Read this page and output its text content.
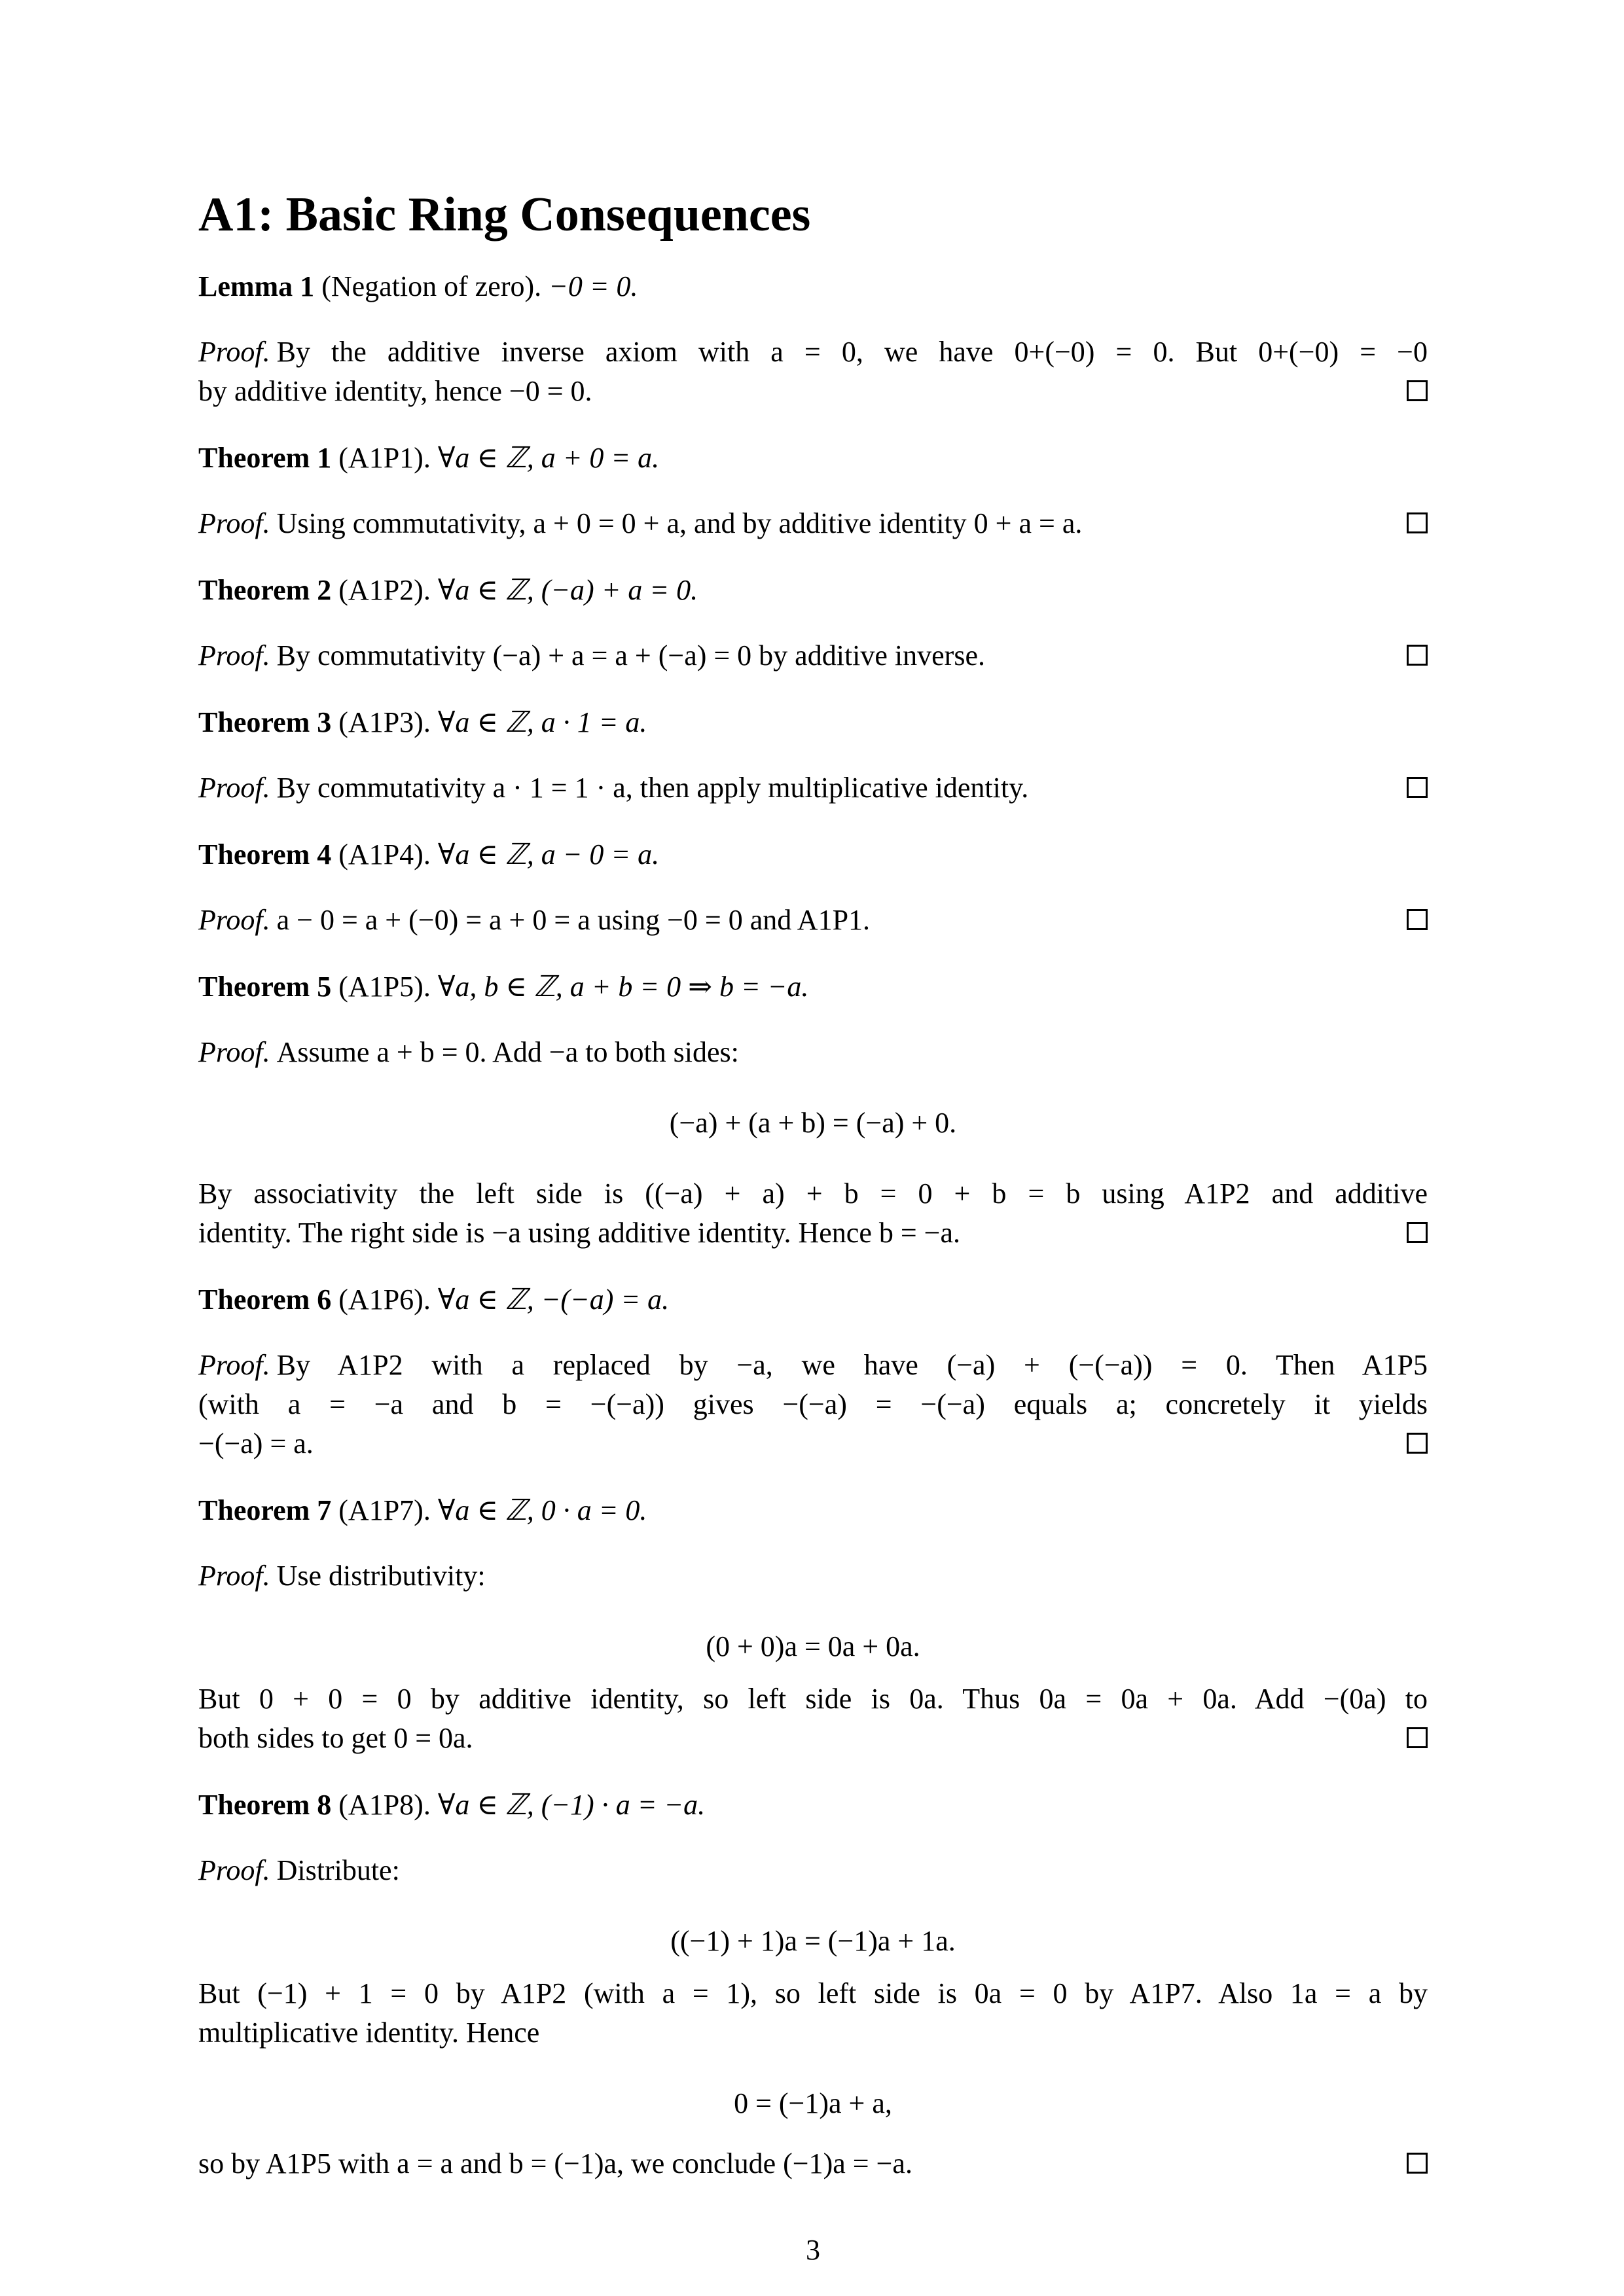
A1: Basic Ring Consequences

Lemma 1 (Negation of zero). −0 = 0.

Proof. By the additive inverse axiom with a = 0, we have 0+(−0) = 0. But 0+(−0) = −0
by additive identity, hence −0 = 0.

Theorem 1 (A1P1). ∀a ∈ ℤ, a + 0 = a.

Proof. Using commutativity, a + 0 = 0 + a, and by additive identity 0 + a = a.

Theorem 2 (A1P2). ∀a ∈ ℤ, (−a) + a = 0.

Proof. By commutativity (−a) + a = a + (−a) = 0 by additive inverse.

Theorem 3 (A1P3). ∀a ∈ ℤ, a · 1 = a.

Proof. By commutativity a · 1 = 1 · a, then apply multiplicative identity.

Theorem 4 (A1P4). ∀a ∈ ℤ, a − 0 = a.

Proof. a − 0 = a + (−0) = a + 0 = a using −0 = 0 and A1P1.

Theorem 5 (A1P5). ∀a, b ∈ ℤ, a + b = 0 ⇒ b = −a.

Proof. Assume a + b = 0. Add −a to both sides:
(−a) + (a + b) = (−a) + 0.
By associativity the left side is ((−a) + a) + b = 0 + b = b using A1P2 and additive
identity. The right side is −a using additive identity. Hence b = −a.

Theorem 6 (A1P6). ∀a ∈ ℤ, −(−a) = a.

Proof. By A1P2 with a replaced by −a, we have (−a) + (−(−a)) = 0. Then A1P5
(with a = −a and b = −(−a)) gives −(−a) = −(−a) equals a; concretely it yields
−(−a) = a.

Theorem 7 (A1P7). ∀a ∈ ℤ, 0 · a = 0.

Proof. Use distributivity:
(0 + 0)a = 0a + 0a.
But 0 + 0 = 0 by additive identity, so left side is 0a. Thus 0a = 0a + 0a. Add −(0a) to
both sides to get 0 = 0a.

Theorem 8 (A1P8). ∀a ∈ ℤ, (−1) · a = −a.

Proof. Distribute:
((−1) + 1)a = (−1)a + 1a.
But (−1) + 1 = 0 by A1P2 (with a = 1), so left side is 0a = 0 by A1P7. Also 1a = a by
multiplicative identity. Hence
0 = (−1)a + a,
so by A1P5 with a = a and b = (−1)a, we conclude (−1)a = −a.
3
